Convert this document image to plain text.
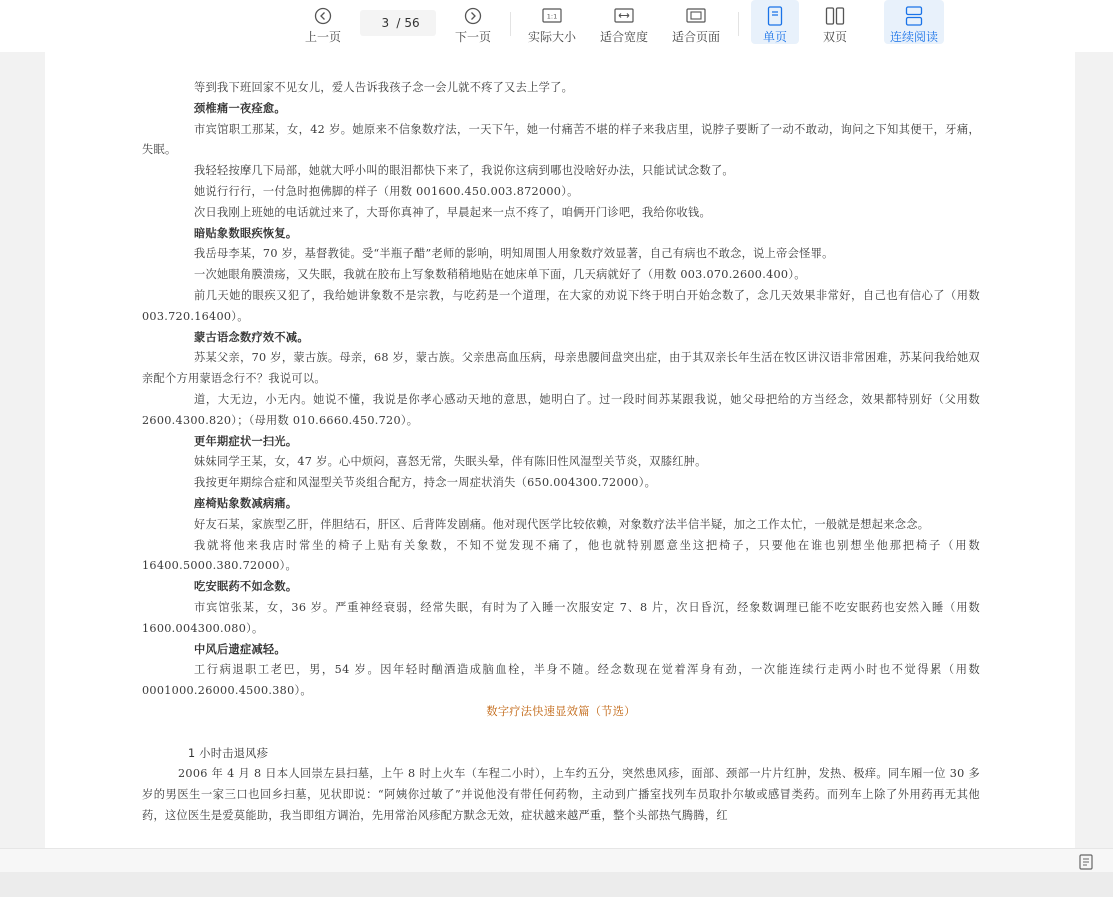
上一页
3
/ 56
下一页
1:1
实际大小 适合宽度 适合页面	单页	双页	连续阅读

等到我下班回家不见女儿，爱人告诉我孩子念一会儿就不疼了又去上学了。

颈椎痛一夜痊愈。

市宾馆职工那某，女，42 岁。她原来不信象数疗法，一天下午，她一付痛苦不堪的样子来我店里，说脖子要断了一动不敢动，询问之下知其便干，牙痛，失眠。

我轻轻按摩几下局部，她就大呼小叫的眼泪都快下来了，我说你这病到哪也没啥好办法，只能试试念数了。

她说行行行，一付急时抱佛脚的样子（用数 001600.450.003.872000）。

次日我刚上班她的电话就过来了，大哥你真神了，早晨起来一点不疼了，咱俩开门诊吧，我给你收钱。

暗贴象数眼疾恢复。

我岳母李某，70 岁，基督教徒。受“半瓶子醋”老师的影响，明知周围人用象数疗效显著，自己有病也不敢念，说上帝会怪罪。

一次她眼角膜溃疡，又失眠，我就在胶布上写象数稍稍地贴在她床单下面，几天病就好了（用数 003.070.2600.400）。

前几天她的眼疾又犯了，我给她讲象数不是宗教，与吃药是一个道理，在大家的劝说下终于明白开始念数了，念几天效果非常好，自己也有信心了（用数 003.720.16400）。

蒙古语念数疗效不减。

苏某父亲，70 岁，蒙古族。母亲，68 岁，蒙古族。父亲患高血压病，母亲患腰间盘突出症，由于其双亲长年生活在牧区讲汉语非常困难，苏某问我给她双亲配个方用蒙语念行不？我说可以。

道，大无边，小无内。她说不懂，我说是你孝心感动天地的意思，她明白了。过一段时间苏某跟我说，她父母把给的方当经念，效果都特别好（父用数 2600.4300.820）；（母用数 010.6660.450.720）。

更年期症状一扫光。

妹妹同学王某，女，47 岁。心中烦闷，喜怒无常，失眠头晕，伴有陈旧性风湿型关节炎，双膝红肿。

我按更年期综合症和风湿型关节炎组合配方，持念一周症状消失（650.004300.72000）。

座椅贴象数减病痛。

好友石某，家族型乙肝，伴胆结石，肝区、后背阵发剧痛。他对现代医学比较依赖，对象数疗法半信半疑，加之工作太忙，一般就是想起来念念。

我就将他来我店时常坐的椅子上贴有关象数，不知不觉发现不痛了，他也就特别愿意坐这把椅子，只要他在谁也别想坐他那把椅子（用数 16400.5000.380.72000）。

吃安眠药不如念数。

市宾馆张某，女，36 岁。严重神经衰弱，经常失眠，有时为了入睡一次服安定 7、8 片，次日昏沉，经象数调理已能不吃安眠药也安然入睡（用数 1600.004300.080）。

中风后遗症减轻。

工行病退职工老巴，男，54 岁。因年轻时酗酒造成脑血栓，半身不随。经念数现在觉着浑身有劲，一次能连续行走两小时也不觉得累（用数 0001000.26000.4500.380）。

数字疗法快速显效篇（节选）

1 小时击退风疹

2006 年 4 月 8 日本人回崇左县扫墓，上午 8 时上火车（车程二小时），上车约五分，突然患风疹，面部、颈部一片片红肿，发热、极痒。同车厢一位 30 多岁的男医生一家三口也回乡扫墓，见状即说：“阿姨你过敏了”并说他没有带任何药物，主动到广播室找列车员取扑尔敏或感冒类药。而列车上除了外用药再无其他药，这位医生是爱莫能助，我当即组方调治，先用常治风疹配方默念无效，症状越来越严重，整个头部热气腾腾，红
